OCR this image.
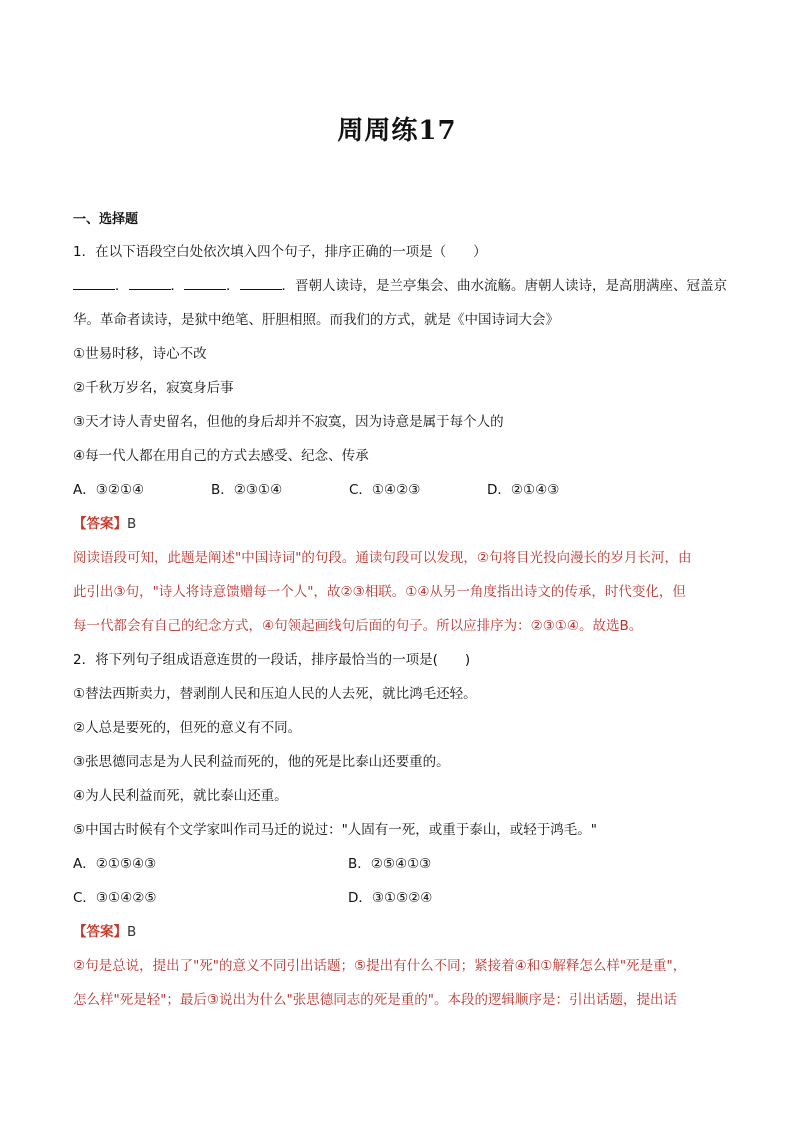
周周练17
一、选择题
1．在以下语段空白处依次填入四个句子，排序正确的一项是（　　）
．	．	．	．晋朝人读诗，是兰亭集会、曲水流觞。唐朝人读诗，是高朋满座、冠盖京
华。革命者读诗，是狱中绝笔、肝胆相照。而我们的方式，就是《中国诗词大会》
①世易时移，诗心不改
②千秋万岁名，寂寞身后事
③天才诗人青史留名，但他的身后却并不寂寞，因为诗意是属于每个人的
④每一代人都在用自己的方式去感受、纪念、传承
A．③②①④	B．②③①④	C．①④②③	D．②①④③
【答案】B
阅读语段可知，此题是阐述"中国诗词"的句段。通读句段可以发现，②句将目光投向漫长的岁月长河，由
此引出③句，"诗人将诗意馈赠每一个人"，故②③相联。①④从另一角度指出诗文的传承，时代变化，但
每一代都会有自己的纪念方式，④句领起画线句后面的句子。所以应排序为：②③①④。故选B。
2．将下列句子组成语意连贯的一段话，排序最恰当的一项是(　　)
①替法西斯卖力，替剥削人民和压迫人民的人去死，就比鸿毛还轻。
②人总是要死的，但死的意义有不同。
③张思德同志是为人民利益而死的，他的死是比泰山还要重的。
④为人民利益而死，就比泰山还重。
⑤中国古时候有个文学家叫作司马迁的说过："人固有一死，或重于泰山，或轻于鸿毛。"
A．②①⑤④③	B．②⑤④①③
C．③①④②⑤	D．③①⑤②④
【答案】B
②句是总说，提出了"死"的意义不同引出话题；⑤提出有什么不同；紧接着④和①解释怎么样"死是重"，
怎么样"死是轻"；最后③说出为什么"张思德同志的死是重的"。本段的逻辑顺序是：引出话题，提出话
